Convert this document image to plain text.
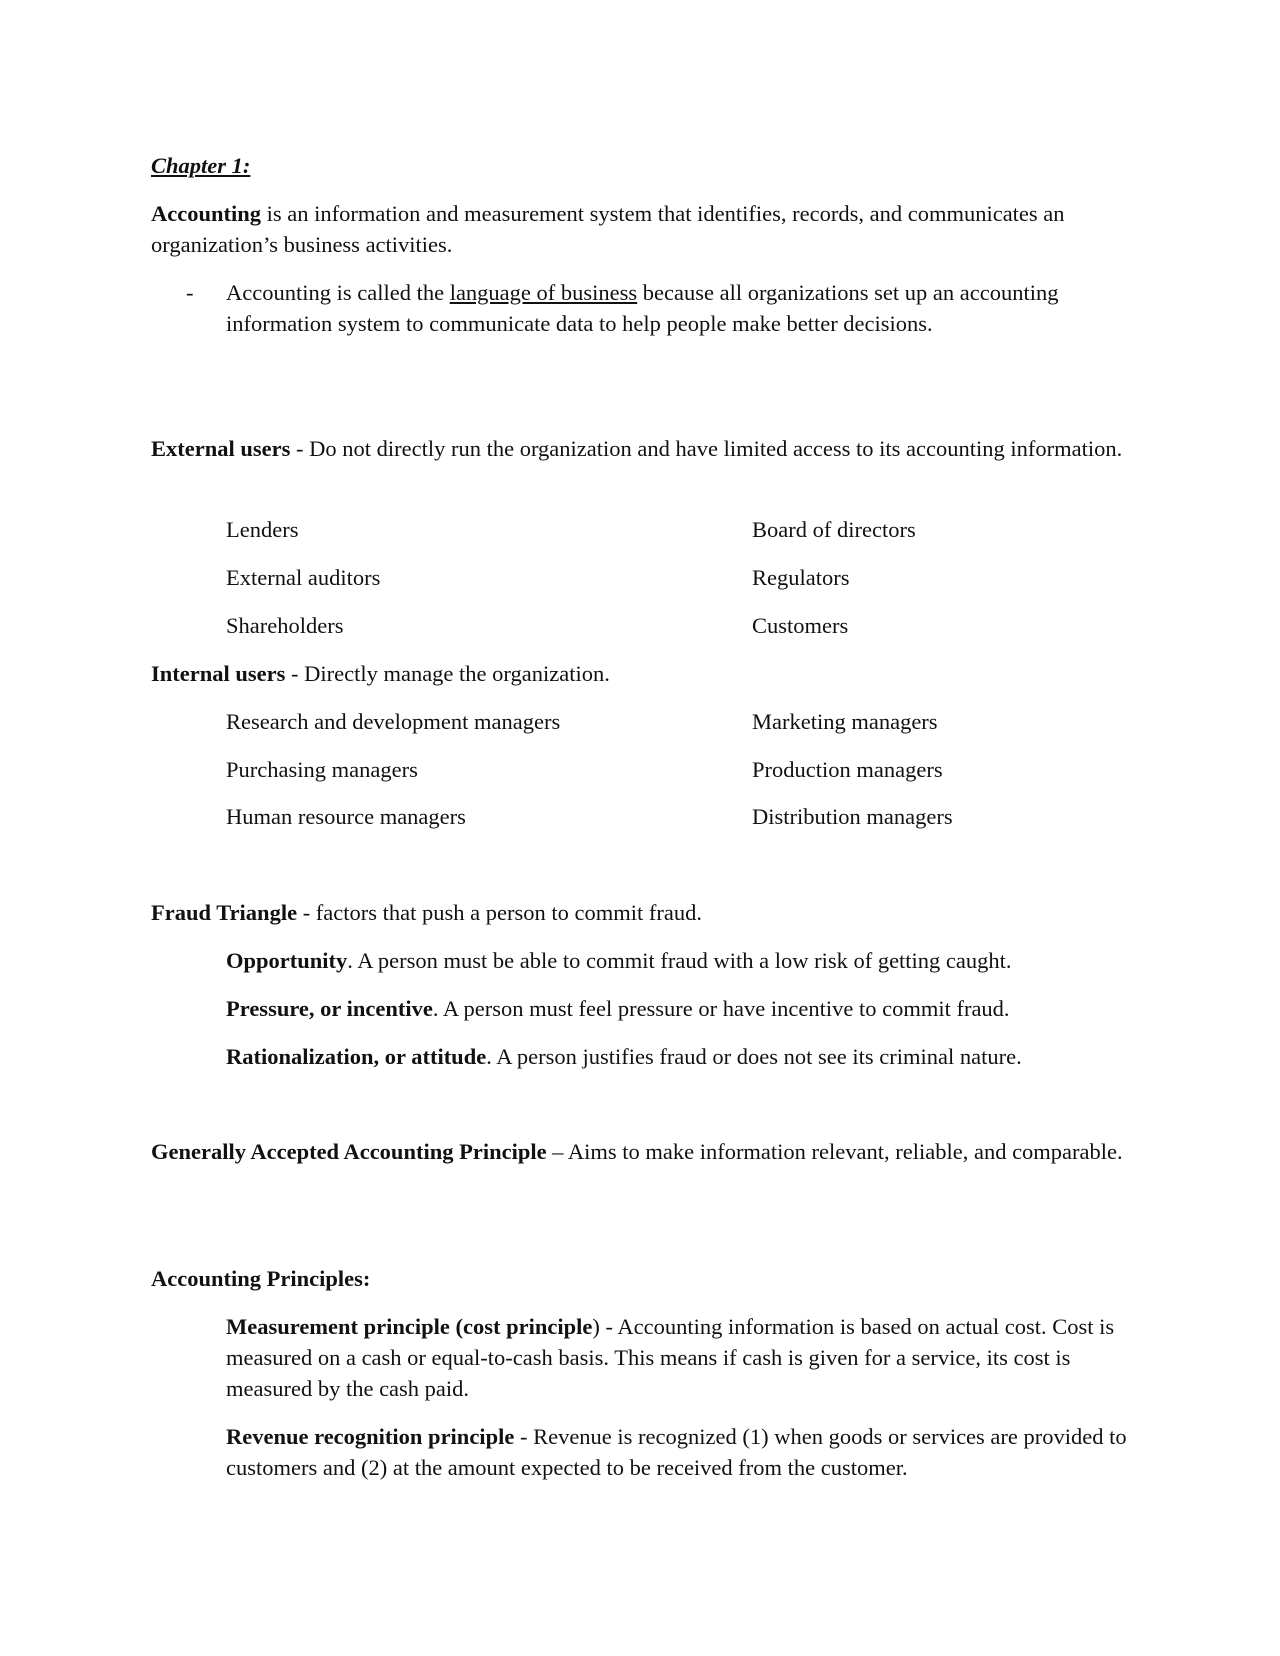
Chapter 1:

Accounting is an information and measurement system that identifies, records, and communicates an organization’s business activities.

- Accounting is called the language of business because all organizations set up an accounting information system to communicate data to help people make better decisions.

External users - Do not directly run the organization and have limited access to its accounting information.

Lenders	Board of directors

External auditors	Regulators

Shareholders	Customers

Internal users - Directly manage the organization.

Research and development managers	Marketing managers

Purchasing managers	Production managers

Human resource managers	Distribution managers

Fraud Triangle - factors that push a person to commit fraud.

Opportunity. A person must be able to commit fraud with a low risk of getting caught.

Pressure, or incentive. A person must feel pressure or have incentive to commit fraud.

Rationalization, or attitude. A person justifies fraud or does not see its criminal nature.

Generally Accepted Accounting Principle – Aims to make information relevant, reliable, and comparable.

Accounting Principles:

Measurement principle (cost principle) - Accounting information is based on actual cost. Cost is measured on a cash or equal-to-cash basis. This means if cash is given for a service, its cost is measured by the cash paid.

Revenue recognition principle - Revenue is recognized (1) when goods or services are provided to customers and (2) at the amount expected to be received from the customer.
